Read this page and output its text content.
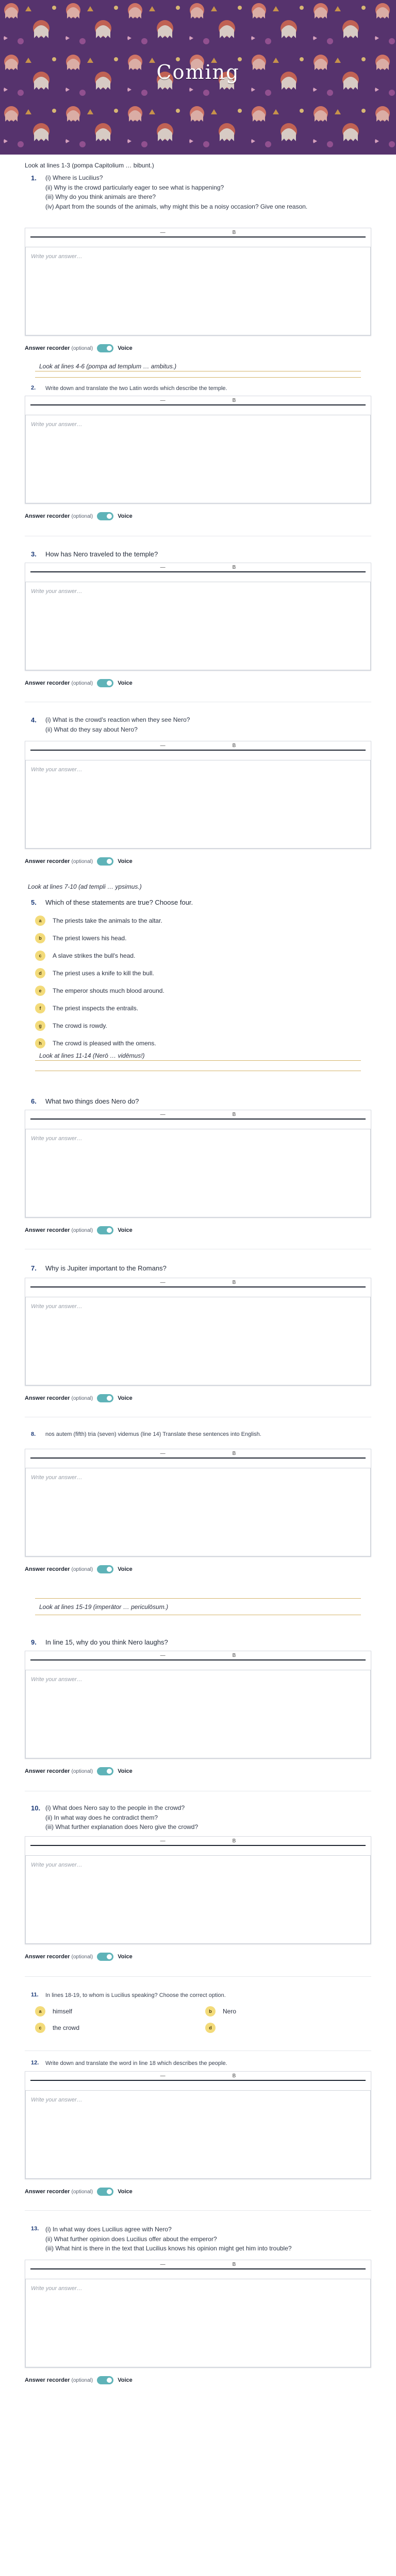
Coming
Look at lines 1-3 (pompa Capitolium … bibunt.)
1. (i) Where is Lucilius?
(ii) Why is the crowd particularly eager to see what is happening?
(iii) Why do you think animals are there?
(iv) Apart from the sounds of the animals, why might this be a noisy occasion? Give one reason.
—	B
Write your answer…
Answer recorder (optional)	Voice
Look at lines 4-6 (pompa ad templum … ambitus.)
2. Write down and translate the two Latin words which describe the temple.
—	B
Write your answer…
Answer recorder (optional)	Voice
3. How has Nero traveled to the temple?
—	B
Write your answer…
Answer recorder (optional)	Voice
4. (i) What is the crowd's reaction when they see Nero?
(ii) What do they say about Nero?
—	B
Write your answer…
Answer recorder (optional)	Voice
Look at lines 7-10 (ad templi … ypsimus.)
5. Which of these statements are true? Choose four.
a	The priests take the animals to the altar.
b	The priest lowers his head.
c	A slave strikes the bull's head.
d	The priest uses a knife to kill the bull.
e	The emperor shouts much blood around.
f	The priest inspects the entrails.
g	The crowd is rowdy.
h	The crowd is pleased with the omens.
Look at lines 11-14 (Nerō … vidēmus!)
6. What two things does Nero do?
—	B
Write your answer…
Answer recorder (optional)	Voice
7. Why is Jupiter important to the Romans?
—	B
Write your answer…
Answer recorder (optional)	Voice
8. nos autem (fifth) tria (seven) videmus (line 14) Translate these sentences into English.
—	B
Write your answer…
Answer recorder (optional)	Voice
Look at lines 15-19 (imperātor … periculōsum.)
9. In line 15, why do you think Nero laughs?
—	B
Write your answer…
Answer recorder (optional)	Voice
10. (i) What does Nero say to the people in the crowd?
(ii) In what way does he contradict them?
(iii) What further explanation does Nero give the crowd?
—	B
Write your answer…
Answer recorder (optional)	Voice
11. In lines 18-19, to whom is Lucilius speaking? Choose the correct option.
a	himself	b	Nero
c	the crowd	d
12. Write down and translate the word in line 18 which describes the people.
—	B
Write your answer…
Answer recorder (optional)	Voice
13. (i) In what way does Lucilius agree with Nero?
(ii) What further opinion does Lucilius offer about the emperor?
(iii) What hint is there in the text that Lucilius knows his opinion might get him into trouble?
—	B
Write your answer…
Answer recorder (optional)	Voice
